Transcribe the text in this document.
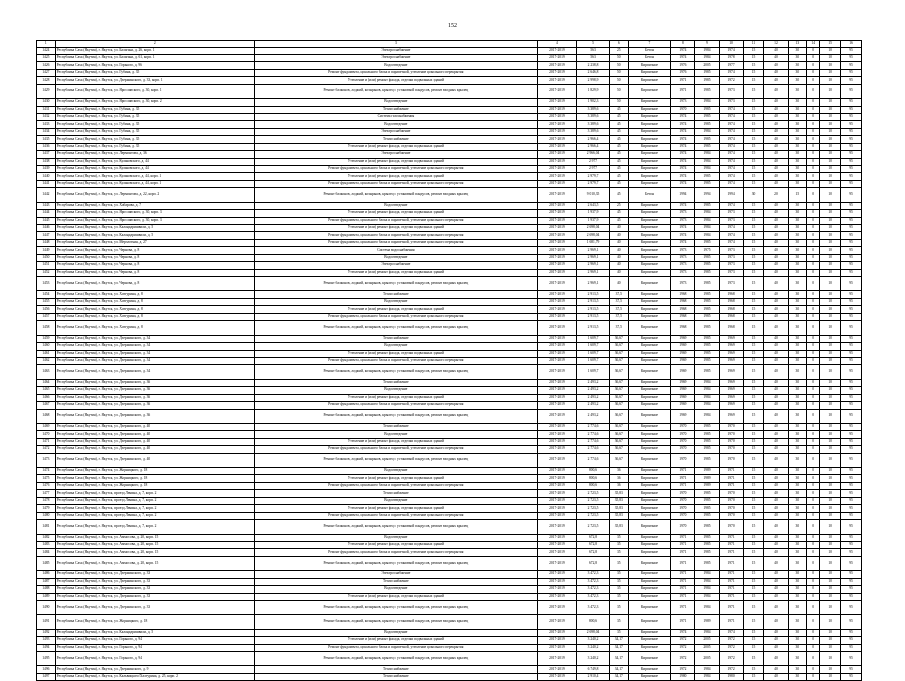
152
1	2	3	4	5	6	7	8	9	10	11	12	13	14	15	16
1424	Республика Саха (Якутия), г. Якутск, ул. Балагана, д. 26, корп. 1	Электроснабжение	2017-2019	563	25	Бетон	1974	1984	1974	15	40	30	0	10	95
1425	Республика Саха (Якутия), г. Якутск, ул. Балагана, д. 61, корп. 1	Электроснабжение	2017-2019	563	50	Бетон	1974	1984	1978	15	40	30	0	10	95
1426	Республика Саха (Якутия), г. Якутск, ул. Горького, д. 96	Водоотведение	2017-2019	2 238,8	50	Кирпичное	1976	2005	1977	15	40	30	0	10	95
1427	Республика Саха (Якутия), г. Якутск, ул. Губина, д. 35	Ремонт фундамента, цокольного блока и парапетной, утепление цокольного перекрытия	2017-2019	2 646,8	50	Кирпичное	1976	1985	1974	15	40	30	0	10	95
1428	Республика Саха (Якутия), г. Якутск, ул. Дзержинского, д. 33, корп. 1	Утепление и (или) ремонт фасада, отделки подвальных зданий	2017-2019	2 998,9	50	Кирпичное	1971	1985	1972	15	40	30	0	10	95
1429	Республика Саха (Якутия), г. Якутск, ул. Ярославского, д. 30, корп. 1	Ремонт балконов, лоджий, козырьков, крылец с установкой пандусов, ремонт входных крылец	2017-2019	1 829,9	50	Кирпичное	1971	1985	1973	15	40	30	0	10	95
1430	Республика Саха (Якутия), г. Якутск, ул. Ярославского, д. 30, корп. 2	Водоотведение	2017-2019	1 902,3	50	Кирпичное	1973	1984	1973	15	40	30	0	10	95
1431	Республика Саха (Якутия), г. Якутск, ул. Губина, д. 35	Теплоснабжение	2017-2019	3 389,6	45	Кирпичное	1970	1985	1974	15	40	30	0	10	95
1432	Республика Саха (Якутия), г. Якутск, ул. Губина, д. 35	Система газоснабжения	2017-2019	3 389,6	45	Кирпичное	1974	1985	1974	15	40	30	0	10	95
1433	Республика Саха (Якутия), г. Якутск, ул. Губина, д. 35	Водоотведение	2017-2019	3 389,6	45	Кирпичное	1974	1985	1974	15	40	30	0	10	95
1434	Республика Саха (Якутия), г. Якутск, ул. Губина, д. 35	Электроснабжение	2017-2019	3 389,6	45	Кирпичное	1974	1984	1974	15	40	30	0	10	95
1435	Республика Саха (Якутия), г. Якутск, ул. Губина, д. 35	Теплоснабжение	2017-2019	2 966,4	45	Кирпичное	1974	1985	1974	15	40	30	0	10	95
1436	Республика Саха (Якутия), г. Якутск, ул. Губина, д. 35	Утепление и (или) ремонт фасада, отделки подвальных зданий	2017-2019	2 966,4	45	Кирпичное	1974	1985	1974	15	40	30	0	10	95
1437	Республика Саха (Якутия), г. Якутск, ул. Лермонтова, д. 36	Электроснабжение	2017-2019	2 966,04	45	Кирпичное	1974	1984	1974	15	40	30	0	10	95
1438	Республика Саха (Якутия), г. Якутск, ул. Кулаковского, д. 44	Утепление и (или) ремонт фасада, отделки подвальных зданий	2017-2019	2 977	45	Кирпичное	1974	1984	1974	15	40	30	0	10	95
1439	Республика Саха (Якутия), г. Якутск, ул. Кулаковского, д. 44	Ремонт фундамента, цокольного блока и парапетной, утепление цокольного перекрытия	2017-2019	2 977	45	Кирпичное	1974	1984	1974	15	40	30	0	10	95
1440	Республика Саха (Якутия), г. Якутск, ул. Кулаковского, д. 44, корп. 1	Утепление и (или) ремонт фасада, отделки подвальных зданий	2017-2019	2 979,7	45	Кирпичное	1974	1985	1974	15	40	30	0	10	95
1441	Республика Саха (Якутия), г. Якутск, ул. Кулаковского, д. 44, корп. 1	Ремонт фундамента, цокольного блока и парапетной, утепление цокольного перекрытия	2017-2019	2 979,7	45	Кирпичное	1974	1985	1974	15	40	30	0	10	95
1442	Республика Саха (Якутия), г. Якутск, ул. Лермонтова, д. 22, корп. 2	Ремонт балконов, лоджий, козырьков, крылец с установкой пандусов, ремонт входных крылец	2017-2019	9 010,35	45	Бетон	1994	1994	1994	30	20	15	0	10	95
1443	Республика Саха (Якутия), г. Якутск, ул. Хабарова, д. 7	Водоотведение	2017-2019	2 643,5	25	Кирпичное	1974	1985	1974	15	40	30	0	10	95
1444	Республика Саха (Якутия), г. Якутск, ул. Ярославского, д. 30, корп. 3	Утепление и (или) ремонт фасада, отделки подвальных зданий	2017-2019	1 937,9	45	Кирпичное	1973	1984	1973	15	40	30	0	10	95
1445	Республика Саха (Якутия), г. Якутск, ул. Ярославского, д. 30, корп. 3	Ремонт фундамента, цокольного блока и парапетной, утепление цокольного перекрытия	2017-2019	1 937,9	45	Кирпичное	1973	1984	1973	15	40	30	0	10	95
1446	Республика Саха (Якутия), г. Якутск, ул. Каландаришвили, д. 5	Утепление и (или) ремонт фасада, отделки подвальных зданий	2017-2019	2 698,04	40	Кирпичное	1974	1984	1974	15	40	30	0	10	95
1447	Республика Саха (Якутия), г. Якутск, ул. Каландаришвили, д. 5	Ремонт фундамента, цокольного блока и парапетной, утепление цокольного перекрытия	2017-2019	2 698,04	40	Кирпичное	1974	1984	1974	15	40	30	0	10	95
1448	Республика Саха (Якутия), г. Якутск, ул. Мерзлотная, д. 27	Ремонт фундамента, цокольного блока и парапетной, утепление цокольного перекрытия	2017-2019	1 681,79	40	Кирпичное	1974	1985	1974	15	40	30	0	10	95
1449	Республика Саха (Якутия), г. Якутск, ул. Чернова, д. 8	Система водоснабжения	2017-2019	2 969,1	40	Кирпичное	1973	1975	1973	15	40	30	0	10	95
1450	Республика Саха (Якутия), г. Якутск, ул. Чернова, д. 8	Водоотведение	2017-2019	2 969,1	40	Кирпичное	1973	1985	1973	15	40	30	0	10	95
1451	Республика Саха (Якутия), г. Якутск, ул. Чернова, д. 8	Электроснабжение	2017-2019	2 969,1	40	Кирпичное	1973	1985	1973	15	40	30	0	10	95
1452	Республика Саха (Якутия), г. Якутск, ул. Чернова, д. 8	Утепление и (или) ремонт фасада, отделки подвальных зданий	2017-2019	2 969,1	40	Кирпичное	1973	1985	1973	15	40	30	0	10	95
1453	Республика Саха (Якутия), г. Якутск, ул. Чернова, д. 8	Ремонт балконов, лоджий, козырьков, крылец с установкой пандусов, ремонт входных крылец	2017-2019	2 969,1	40	Кирпичное	1973	1985	1973	15	40	30	0	10	95
1454	Республика Саха (Якутия), г. Якутск, ул. Хатгурина, д. 8	Теплоснабжение	2017-2019	2 913,5	37,5	Кирпичное	1968	1985	1968	15	40	30	0	10	95
1455	Республика Саха (Якутия), г. Якутск, ул. Хатгурина, д. 8	Водоотведение	2017-2019	2 913,5	37,5	Кирпичное	1968	1985	1968	15	40	30	0	10	95
1456	Республика Саха (Якутия), г. Якутск, ул. Хатгурина, д. 8	Утепление и (или) ремонт фасада, отделки подвальных зданий	2017-2019	2 913,5	37,5	Кирпичное	1968	1985	1968	15	40	30	0	10	95
1457	Республика Саха (Якутия), г. Якутск, ул. Хатгурина, д. 8	Ремонт фундамента, цокольного блока и парапетной, утепление цокольного перекрытия	2017-2019	2 913,5	37,5	Кирпичное	1968	1985	1968	15	40	30	0	10	95
1458	Республика Саха (Якутия), г. Якутск, ул. Хатгурина, д. 8	Ремонт балконов, лоджий, козырьков, крылец с установкой пандусов, ремонт входных крылец	2017-2019	2 913,5	37,5	Кирпичное	1968	1985	1968	15	40	30	0	10	95
1459	Республика Саха (Якутия), г. Якутск, ул. Дзержинского, д. 34	Теплоснабжение	2017-2019	1 609,7	36,67	Кирпичное	1969	1985	1969	15	40	30	0	10	95
1460	Республика Саха (Якутия), г. Якутск, ул. Дзержинского, д. 34	Водоотведение	2017-2019	1 609,7	36,67	Кирпичное	1969	1985	1969	15	40	30	0	10	95
1461	Республика Саха (Якутия), г. Якутск, ул. Дзержинского, д. 34	Утепление и (или) ремонт фасада, отделки подвальных зданий	2017-2019	1 609,7	36,67	Кирпичное	1969	1985	1969	15	40	30	0	10	95
1462	Республика Саха (Якутия), г. Якутск, ул. Дзержинского, д. 34	Ремонт фундамента, цокольного блока и парапетной, утепление цокольного перекрытия	2017-2019	1 609,7	36,67	Кирпичное	1969	1985	1969	15	40	30	0	10	95
1463	Республика Саха (Якутия), г. Якутск, ул. Дзержинского, д. 34	Ремонт балконов, лоджий, козырьков, крылец с установкой пандусов, ремонт входных крылец	2017-2019	1 609,7	36,67	Кирпичное	1969	1985	1969	15	40	30	0	10	95
1464	Республика Саха (Якутия), г. Якутск, ул. Дзержинского, д. 36	Теплоснабжение	2017-2019	2 493,2	36,67	Кирпичное	1969	1984	1969	15	40	30	0	10	95
1465	Республика Саха (Якутия), г. Якутск, ул. Дзержинского, д. 36	Водоотведение	2017-2019	2 493,2	36,67	Кирпичное	1969	1984	1969	15	40	30	0	10	95
1466	Республика Саха (Якутия), г. Якутск, ул. Дзержинского, д. 36	Утепление и (или) ремонт фасада, отделки подвальных зданий	2017-2019	2 493,2	36,67	Кирпичное	1969	1984	1969	15	40	30	0	10	95
1467	Республика Саха (Якутия), г. Якутск, ул. Дзержинского, д. 36	Ремонт фундамента, цокольного блока и парапетной, утепление цокольного перекрытия	2017-2019	2 493,2	36,67	Кирпичное	1969	1984	1969	15	40	30	0	10	95
1468	Республика Саха (Якутия), г. Якутск, ул. Дзержинского, д. 36	Ремонт балконов, лоджий, козырьков, крылец с установкой пандусов, ремонт входных крылец	2017-2019	2 493,2	36,67	Кирпичное	1969	1984	1969	15	40	30	0	10	95
1469	Республика Саха (Якутия), г. Якутск, ул. Дзержинского, д. 40	Теплоснабжение	2017-2019	2 774,6	36,67	Кирпичное	1970	1985	1970	15	40	30	0	10	95
1470	Республика Саха (Якутия), г. Якутск, ул. Дзержинского, д. 40	Водоотведение	2017-2019	2 774,6	36,67	Кирпичное	1970	1985	1970	15	40	30	0	10	95
1471	Республика Саха (Якутия), г. Якутск, ул. Дзержинского, д. 40	Утепление и (или) ремонт фасада, отделки подвальных зданий	2017-2019	2 774,6	36,67	Кирпичное	1970	1985	1970	15	40	30	0	10	95
1472	Республика Саха (Якутия), г. Якутск, ул. Дзержинского, д. 40	Ремонт фундамента, цокольного блока и парапетной, утепление цокольного перекрытия	2017-2019	2 774,6	36,67	Кирпичное	1970	1985	1970	15	40	30	0	10	95
1473	Республика Саха (Якутия), г. Якутск, ул. Дзержинского, д. 40	Ремонт балконов, лоджий, козырьков, крылец с установкой пандусов, ремонт входных крылец	2017-2019	2 774,6	36,67	Кирпичное	1970	1985	1970	15	40	30	0	10	95
1474	Республика Саха (Якутия), г. Якутск, ул. Жорницкого, д. 18	Водоотведение	2017-2019	800,6	36	Кирпичное	1971	1989	1971	15	40	30	0	10	95
1475	Республика Саха (Якутия), г. Якутск, ул. Жорницкого, д. 18	Утепление и (или) ремонт фасада, отделки подвальных зданий	2017-2019	800,6	36	Кирпичное	1971	1989	1971	15	40	30	0	10	95
1476	Республика Саха (Якутия), г. Якутск, ул. Жорницкого, д. 18	Ремонт фундамента, цокольного блока и парапетной, утепление цокольного перекрытия	2017-2019	800,6	36	Кирпичное	1971	1989	1971	15	40	30	0	10	95
1477	Республика Саха (Якутия), г. Якутск, проезд Ленина, д. 7, корп. 2	Теплоснабжение	2017-2019	2 723,5	35,83	Кирпичное	1970	1985	1970	15	40	30	0	10	95
1478	Республика Саха (Якутия), г. Якутск, проезд Ленина, д. 7, корп. 2	Водоотведение	2017-2019	2 723,5	35,83	Кирпичное	1970	1985	1970	15	40	30	0	10	95
1479	Республика Саха (Якутия), г. Якутск, проезд Ленина, д. 7, корп. 2	Утепление и (или) ремонт фасада, отделки подвальных зданий	2017-2019	2 723,5	35,83	Кирпичное	1970	1985	1970	15	40	30	0	10	95
1480	Республика Саха (Якутия), г. Якутск, проезд Ленина, д. 7, корп. 2	Ремонт фундамента, цокольного блока и парапетной, утепление цокольного перекрытия	2017-2019	2 723,5	35,83	Кирпичное	1970	1985	1970	15	40	30	0	10	95
1481	Республика Саха (Якутия), г. Якутск, проезд Ленина, д. 7, корп. 2	Ремонт балконов, лоджий, козырьков, крылец с установкой пандусов, ремонт входных крылец	2017-2019	2 723,5	35,83	Кирпичное	1970	1985	1970	15	40	30	0	10	95
1482	Республика Саха (Якутия), г. Якутск, ул. Аммосова, д. 20, корп. 15	Водоотведение	2017-2019	672,8	35	Кирпичное	1971	1985	1971	15	40	30	0	10	95
1483	Республика Саха (Якутия), г. Якутск, ул. Аммосова, д. 20, корп. 15	Утепление и (или) ремонт фасада, отделки подвальных зданий	2017-2019	672,8	35	Кирпичное	1971	1985	1971	15	40	30	0	10	95
1484	Республика Саха (Якутия), г. Якутск, ул. Аммосова, д. 20, корп. 15	Ремонт фундамента, цокольного блока и парапетной, утепление цокольного перекрытия	2017-2019	672,8	35	Кирпичное	1971	1985	1971	15	40	30	0	10	95
1485	Республика Саха (Якутия), г. Якутск, ул. Аммосова, д. 20, корп. 15	Ремонт балконов, лоджий, козырьков, крылец с установкой пандусов, ремонт входных крылец	2017-2019	672,8	35	Кирпичное	1971	1985	1971	15	40	30	0	10	95
1486	Республика Саха (Якутия), г. Якутск, ул. Дзержинского, д. 33	Электроснабжение	2017-2019	3 472,3	35	Кирпичное	1971	1984	1971	15	40	30	0	10	95
1487	Республика Саха (Якутия), г. Якутск, ул. Дзержинского, д. 33	Теплоснабжение	2017-2019	3 472,3	35	Кирпичное	1971	1984	1971	15	40	30	0	10	95
1488	Республика Саха (Якутия), г. Якутск, ул. Дзержинского, д. 33	Водоотведение	2017-2019	3 472,3	35	Кирпичное	1971	1984	1971	15	40	30	0	10	95
1489	Республика Саха (Якутия), г. Якутск, ул. Дзержинского, д. 33	Утепление и (или) ремонт фасада, отделки подвальных зданий	2017-2019	3 472,3	35	Кирпичное	1971	1984	1971	15	40	30	0	10	95
1490	Республика Саха (Якутия), г. Якутск, ул. Дзержинского, д. 33	Ремонт балконов, лоджий, козырьков, крылец с установкой пандусов, ремонт входных крылец	2017-2019	3 472,3	35	Кирпичное	1971	1984	1971	15	40	30	0	10	95
1491	Республика Саха (Якутия), г. Якутск, ул. Жорницкого, д. 18	Ремонт балконов, лоджий, козырьков, крылец с установкой пандусов, ремонт входных крылец	2017-2019	800,6	35	Кирпичное	1971	1989	1971	15	40	30	0	10	95
1492	Республика Саха (Якутия), г. Якутск, ул. Каландаришвили, д. 5	Водоотведение	2017-2019	2 698,04	35	Кирпичное	1974	1984	1974	15	40	30	0	10	95
1493	Республика Саха (Якутия), г. Якутск, ул. Горького, д. 94	Утепление и (или) ремонт фасада, отделки подвальных зданий	2017-2019	3 240,2	34,17	Кирпичное	1972	2005	1972	15	40	30	0	10	95
1494	Республика Саха (Якутия), г. Якутск, ул. Горького, д. 94	Ремонт фундамента, цокольного блока и парапетной, утепление цокольного перекрытия	2017-2019	3 240,2	34,17	Кирпичное	1972	2005	1972	15	40	30	0	10	95
1495	Республика Саха (Якутия), г. Якутск, ул. Горького, д. 94	Ремонт балконов, лоджий, козырьков, крылец с установкой пандусов, ремонт входных крылец	2017-2019	3 240,2	34,17	Кирпичное	1972	2005	1972	15	40	30	0	10	95
1496	Республика Саха (Якутия), г. Якутск, ул. Дзержинского, д. 9	Теплоснабжение	2017-2019	6 749,8	34,17	Кирпичное	1972	1984	1972	15	40	30	0	10	95
1497	Республика Саха (Якутия), г. Якутск, ул. Кальвицкого/Халтурина, д. 25, корп. 2	Теплоснабжение	2017-2019	2 910,4	34,17	Кирпичное	1980	1984	1980	15	40	30	0	10	95
